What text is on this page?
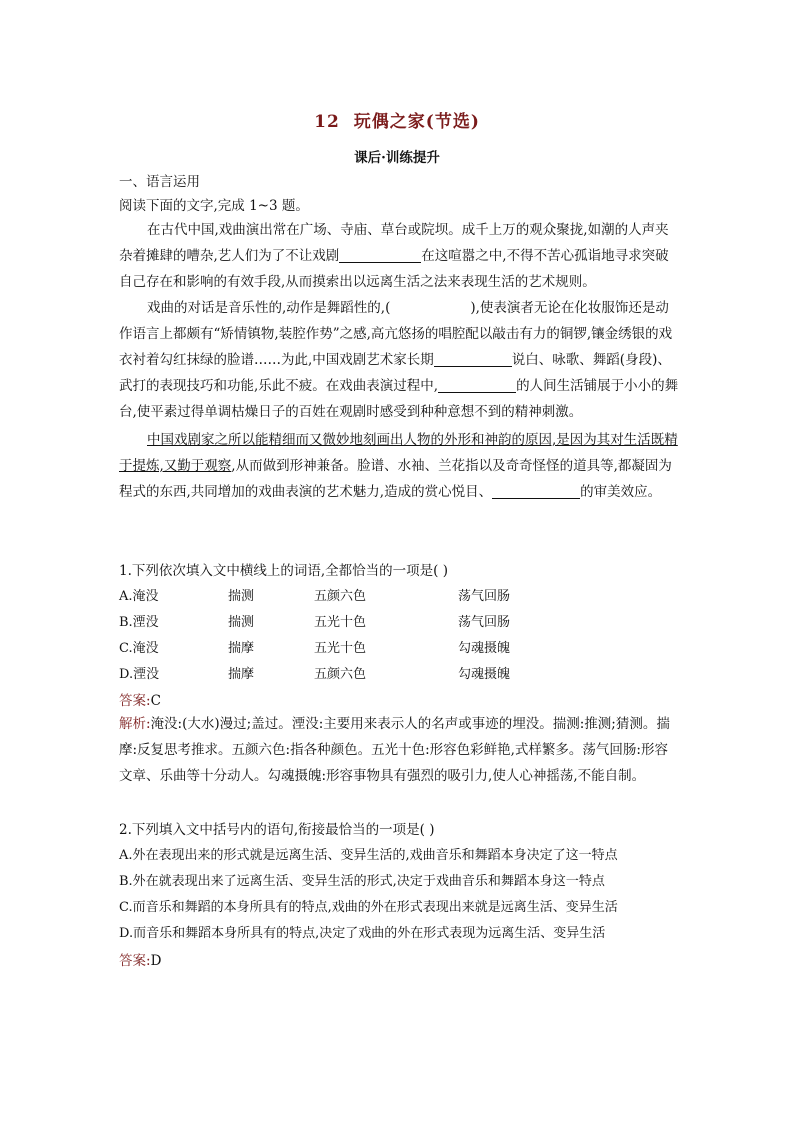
12 玩偶之家(节选)
课后·训练提升
一、语言运用
阅读下面的文字,完成 1~3 题。
在古代中国,戏曲演出常在广场、寺庙、草台或院坝。成千上万的观众聚拢,如潮的人声夹杂着摊肆的嘈杂,艺人们为了不让戏剧	在这喧嚣之中,不得不苦心孤诣地寻求突破自己存在和影响的有效手段,从而摸索出以远离生活之法来表现生活的艺术规则。
戏曲的对话是音乐性的,动作是舞蹈性的,(	),使表演者无论在化妆服饰还是动作语言上都颇有“矫情镇物,装腔作势”之感,高亢悠扬的唱腔配以敲击有力的铜锣,镶金绣银的戏衣衬着勾红抹绿的脸谱……为此,中国戏剧艺术家长期	说白、咏歌、舞蹈(身段)、武打的表现技巧和功能,乐此不疲。在戏曲表演过程中,	的人间生活铺展于小小的舞台,使平素过得单调枯燥日子的百姓在观剧时感受到种种意想不到的精神刺激。
中国戏剧家之所以能精细而又微妙地刻画出人物的外形和神韵的原因,是因为其对生活既精于提炼,又勤于观察,从而做到形神兼备。脸谱、水袖、兰花指以及奇奇怪怪的道具等,都凝固为程式的东西,共同增加的戏曲表演的艺术魅力,造成的赏心悦目、	的审美效应。
1.下列依次填入文中横线上的词语,全都恰当的一项是( )
A.淹没	揣测	五颜六色	荡气回肠
B.湮没	揣测	五光十色	荡气回肠
C.淹没	揣摩	五光十色	勾魂摄魄
D.湮没	揣摩	五颜六色	勾魂摄魄
答案:C
解析:淹没:(大水)漫过;盖过。湮没:主要用来表示人的名声或事迹的埋没。揣测:推测;猜测。揣摩:反复思考推求。五颜六色:指各种颜色。五光十色:形容色彩鲜艳,式样繁多。荡气回肠:形容文章、乐曲等十分动人。勾魂摄魄:形容事物具有强烈的吸引力,使人心神摇荡,不能自制。
2.下列填入文中括号内的语句,衔接最恰当的一项是( )
A.外在表现出来的形式就是远离生活、变异生活的,戏曲音乐和舞蹈本身决定了这一特点
B.外在就表现出来了远离生活、变异生活的形式,决定于戏曲音乐和舞蹈本身这一特点
C.而音乐和舞蹈的本身所具有的特点,戏曲的外在形式表现出来就是远离生活、变异生活
D.而音乐和舞蹈本身所具有的特点,决定了戏曲的外在形式表现为远离生活、变异生活
答案:D
